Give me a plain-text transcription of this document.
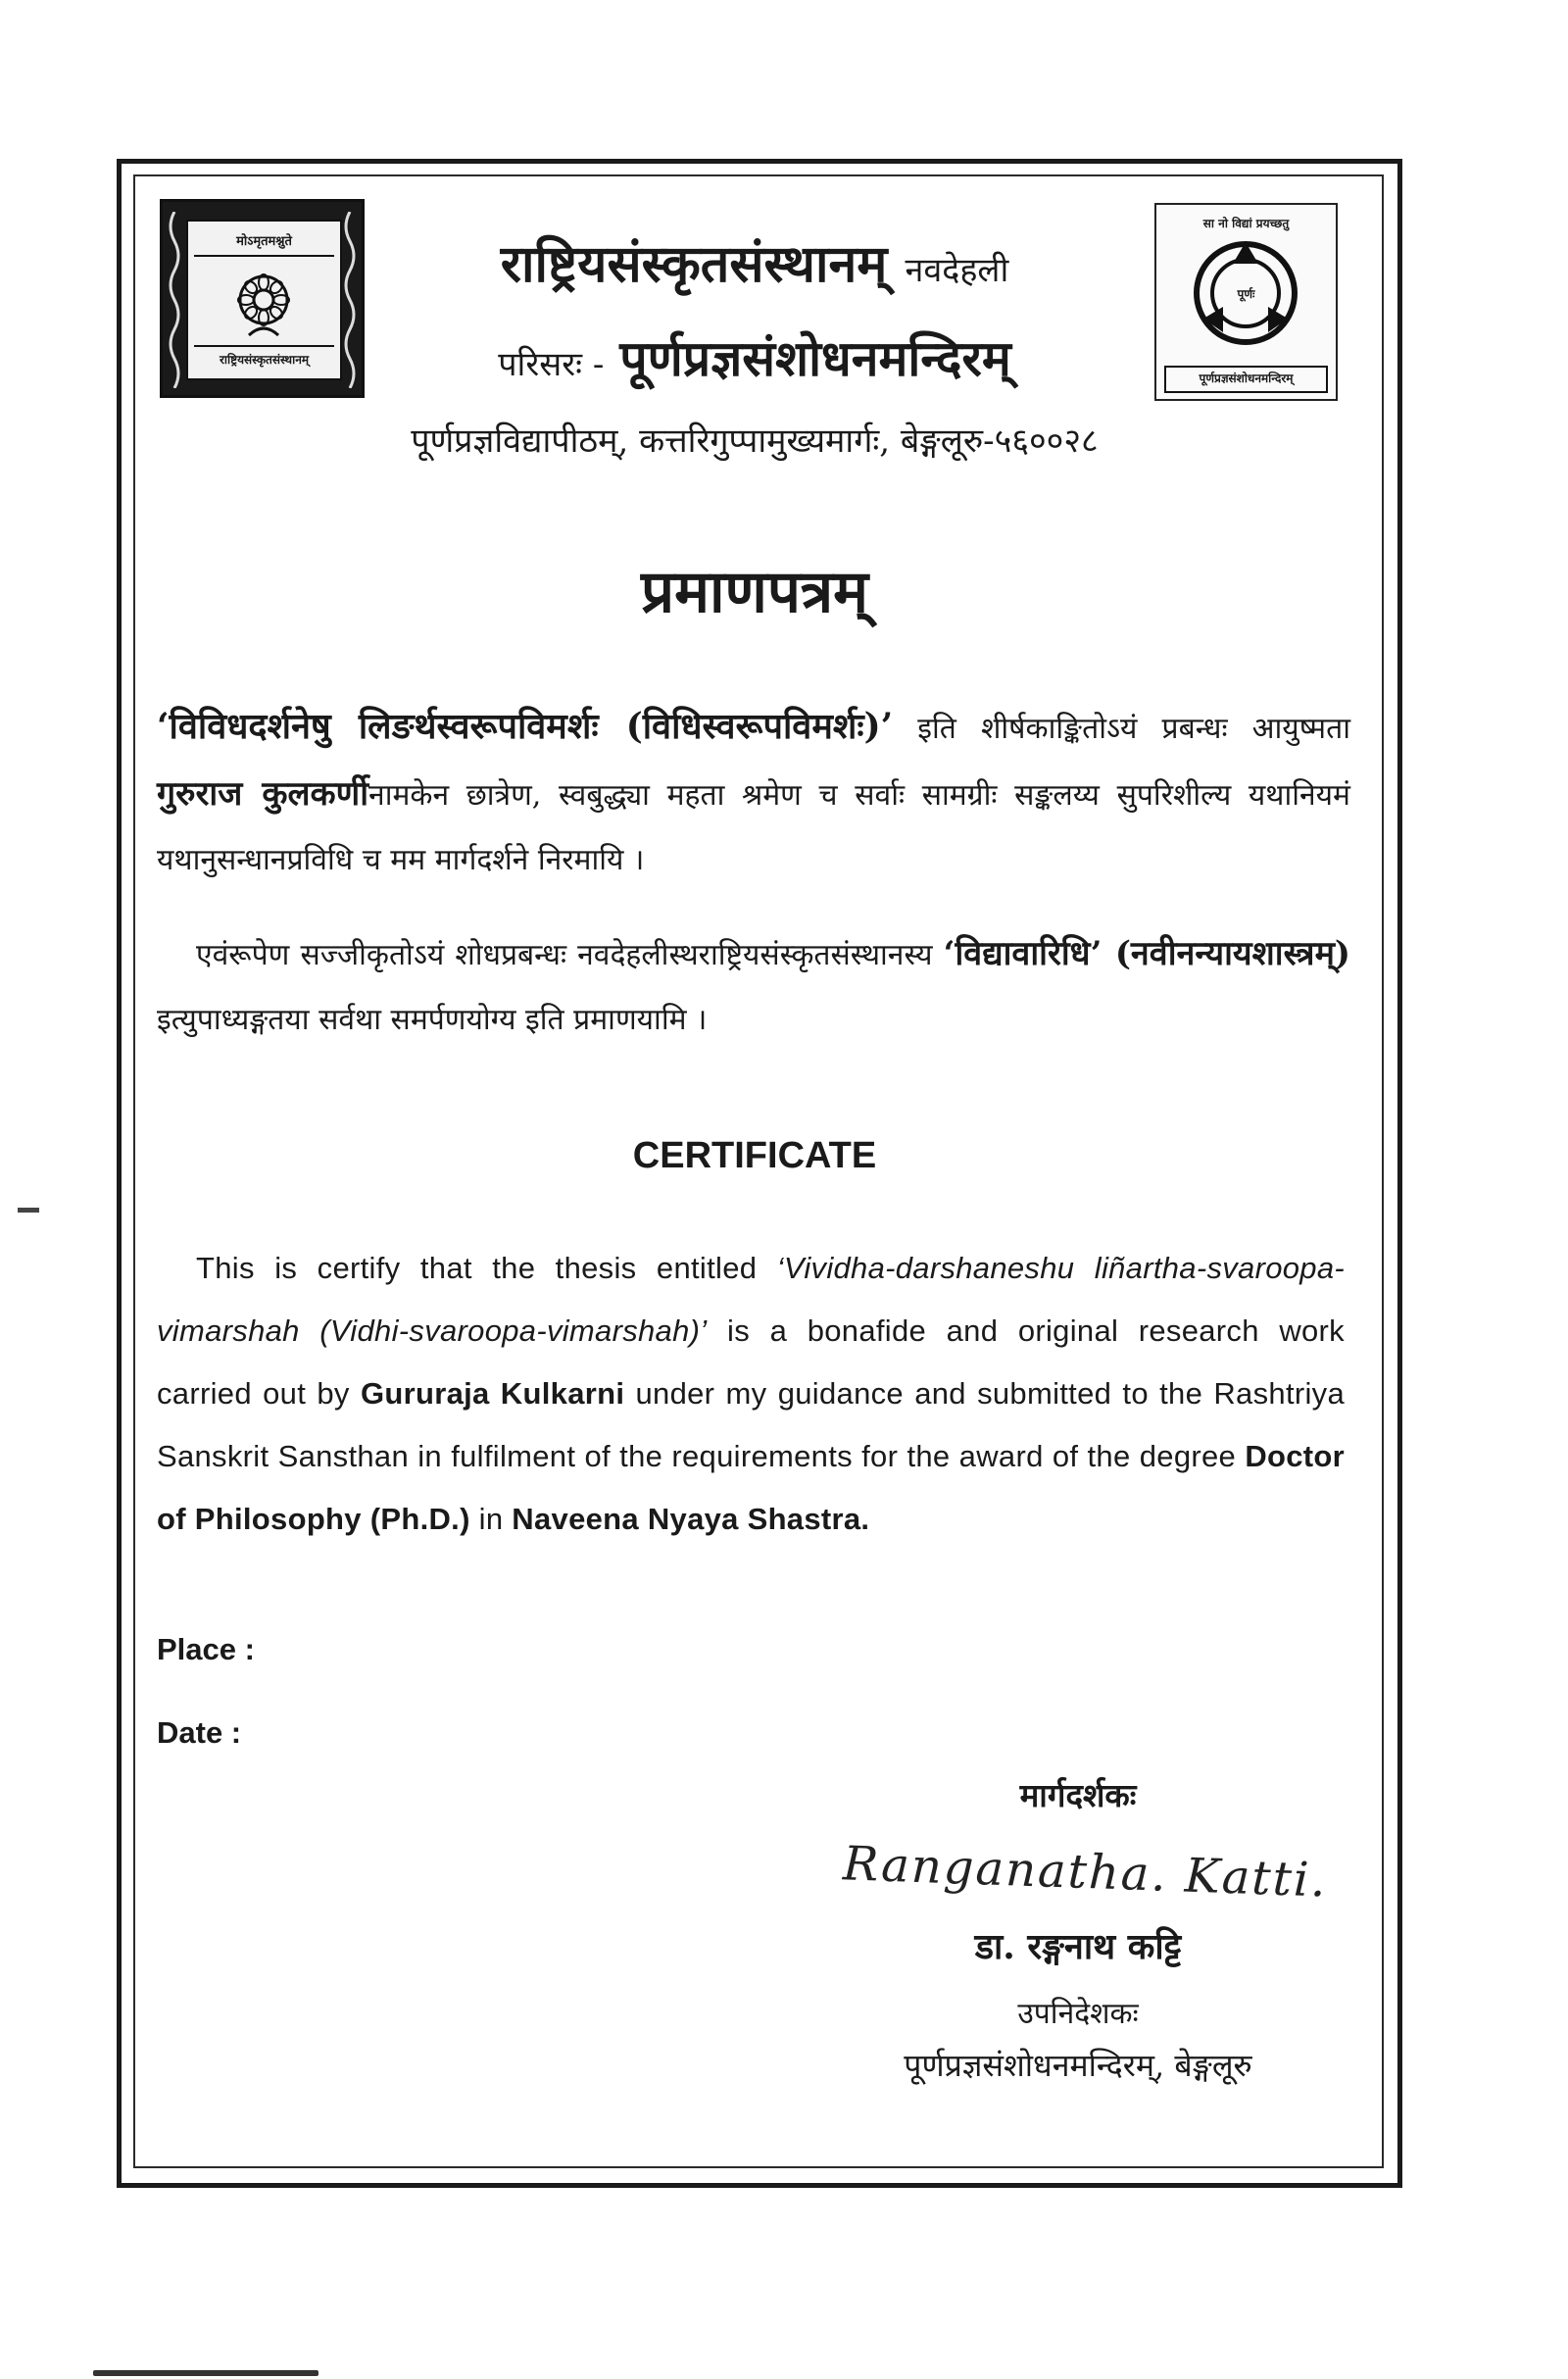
मोऽमृतमश्नुते
राष्ट्रियसंस्कृतसंस्थानम्
सा नो विद्यां प्रयच्छतु
पूर्णः
पूर्णप्रज्ञसंशोधनमन्दिरम्
राष्ट्रियसंस्कृतसंस्थानम् नवदेहली
परिसरः - पूर्णप्रज्ञसंशोधनमन्दिरम्
पूर्णप्रज्ञविद्यापीठम्, कत्तरिगुप्पामुख्यमार्गः, बेङ्गलूरु-५६००२८
प्रमाणपत्रम्
‘विविधदर्शनेषु लिङर्थस्वरूपविमर्शः (विधिस्वरूपविमर्शः)’ इति शीर्षकाङ्कितोऽयं प्रबन्धः आयुष्मता गुरुराज कुलकर्णीनामकेन छात्रेण, स्वबुद्ध्या महता श्रमेण च सर्वाः सामग्रीः सङ्कलय्य सुपरिशील्य यथानियमं यथानुसन्धानप्रविधि च मम मार्गदर्शने निरमायि ।
एवंरूपेण सज्जीकृतोऽयं शोधप्रबन्धः नवदेहलीस्थराष्ट्रियसंस्कृतसंस्थानस्य ‘विद्यावारिधि’ (नवीनन्यायशास्त्रम्) इत्युपाध्यङ्गतया सर्वथा समर्पणयोग्य इति प्रमाणयामि ।
CERTIFICATE
This is certify that the thesis entitled ‘Vividha-darshaneshu liñartha-svaroopa-vimarshah (Vidhi-svaroopa-vimarshah)’ is a bonafide and original research work carried out by Gururaja Kulkarni under my guidance and submitted to the Rashtriya Sanskrit Sansthan in fulfilment of the requirements for the award of the degree Doctor of Philosophy (Ph.D.) in Naveena Nyaya Shastra.
Place :
Date :
मार्गदर्शकः
Ranganatha. Katti.
डा. रङ्गनाथ कट्टि
उपनिदेशकः
पूर्णप्रज्ञसंशोधनमन्दिरम्, बेङ्गलूरु
